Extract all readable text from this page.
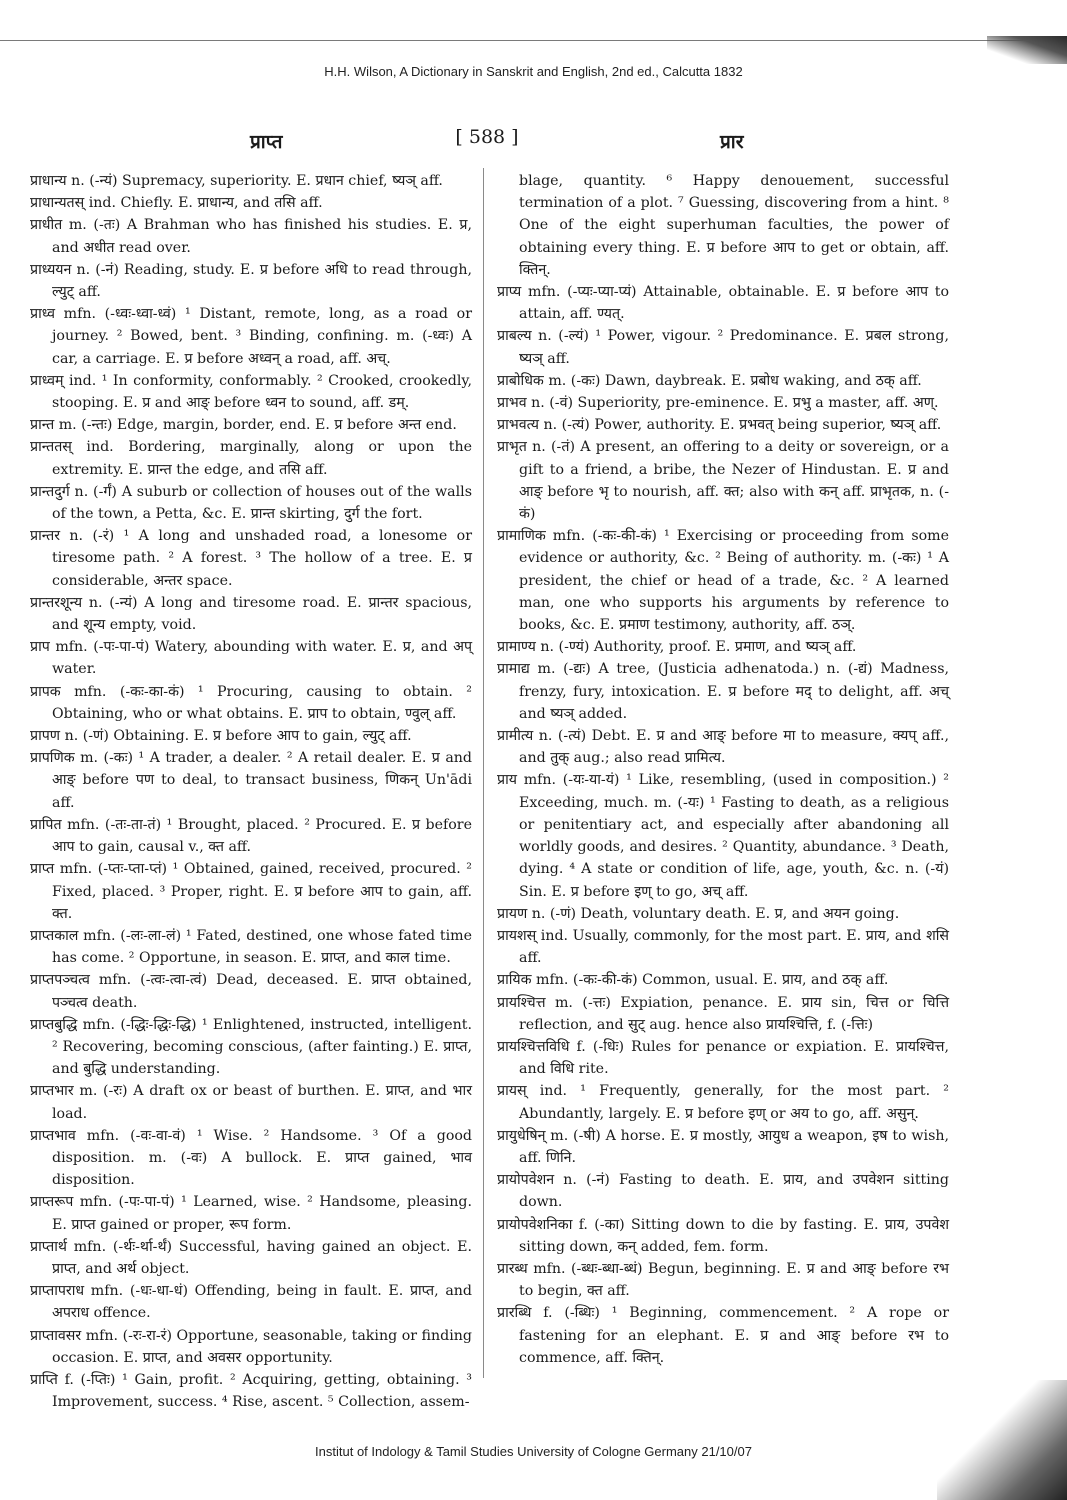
H.H. Wilson, A Dictionary in Sanskrit and English, 2nd ed., Calcutta 1832
प्राप्त	[ 588 ]	प्रार

प्राधान्य n. (-न्यं) Supremacy, superiority. E. प्रधान chief, ष्यञ् aff.

प्राधान्यतस् ind. Chiefly. E. प्राधान्य, and तसि aff.

प्राधीत m. (-तः) A Brahman who has finished his studies. E. प्र, and अधीत read over.

प्राध्ययन n. (-नं) Reading, study. E. प्र before अधि to read through, ल्युट् aff.

प्राध्व mfn. (-ध्वः-ध्वा-ध्वं) ¹ Distant, remote, long, as a road or journey. ² Bowed, bent. ³ Binding, confining. m. (-ध्वः) A car, a carriage. E. प्र before अध्वन् a road, aff. अच्.

प्राध्वम् ind. ¹ In conformity, conformably. ² Crooked, crookedly, stooping. E. प्र and आङ् before ध्वन to sound, aff. डम्.

प्रान्त m. (-न्तः) Edge, margin, border, end. E. प्र before अन्त end.

प्रान्ततस् ind. Bordering, marginally, along or upon the extremity. E. प्रान्त the edge, and तसि aff.

प्रान्तदुर्ग n. (-र्गं) A suburb or collection of houses out of the walls of the town, a Petta, &c. E. प्रान्त skirting, दुर्ग the fort.

प्रान्तर n. (-रं) ¹ A long and unshaded road, a lonesome or tiresome path. ² A forest. ³ The hollow of a tree. E. प्र considerable, अन्तर space.

प्रान्तरशून्य n. (-न्यं) A long and tiresome road. E. प्रान्तर spacious, and शून्य empty, void.

प्राप mfn. (-पः-पा-पं) Watery, abounding with water. E. प्र, and अप् water.

प्रापक mfn. (-कः-का-कं) ¹ Procuring, causing to obtain. ² Obtaining, who or what obtains. E. प्राप to obtain, ण्वुल् aff.

प्रापण n. (-णं) Obtaining. E. प्र before आप to gain, ल्युट् aff.

प्रापणिक m. (-कः) ¹ A trader, a dealer. ² A retail dealer. E. प्र and आङ् before पण to deal, to transact business, णिकन् Un'ādi aff.

प्रापित mfn. (-तः-ता-तं) ¹ Brought, placed. ² Procured. E. प्र before आप to gain, causal v., क्त aff.

प्राप्त mfn. (-प्तः-प्ता-प्तं) ¹ Obtained, gained, received, procured. ² Fixed, placed. ³ Proper, right. E. प्र before आप to gain, aff. क्त.

प्राप्तकाल mfn. (-लः-ला-लं) ¹ Fated, destined, one whose fated time has come. ² Opportune, in season. E. प्राप्त, and काल time.

प्राप्तपञ्चत्व mfn. (-त्वः-त्वा-त्वं) Dead, deceased. E. प्राप्त obtained, पञ्चत्व death.

प्राप्तबुद्धि mfn. (-द्धिः-द्धिः-द्धि) ¹ Enlightened, instructed, intelligent. ² Recovering, becoming conscious, (after fainting.) E. प्राप्त, and बुद्धि understanding.

प्राप्तभार m. (-रः) A draft ox or beast of burthen. E. प्राप्त, and भार load.

प्राप्तभाव mfn. (-वः-वा-वं) ¹ Wise. ² Handsome. ³ Of a good disposition. m. (-वः) A bullock. E. प्राप्त gained, भाव disposition.

प्राप्तरूप mfn. (-पः-पा-पं) ¹ Learned, wise. ² Handsome, pleasing. E. प्राप्त gained or proper, रूप form.

प्राप्तार्थ mfn. (-र्थः-र्था-र्थं) Successful, having gained an object. E. प्राप्त, and अर्थ object.

प्राप्तापराध mfn. (-धः-धा-धं) Offending, being in fault. E. प्राप्त, and अपराध offence.

प्राप्तावसर mfn. (-रः-रा-रं) Opportune, seasonable, taking or finding occasion. E. प्राप्त, and अवसर opportunity.

प्राप्ति f. (-प्तिः) ¹ Gain, profit. ² Acquiring, getting, obtaining. ³ Improvement, success. ⁴ Rise, ascent. ⁵ Collection, assem-

blage, quantity. ⁶ Happy denouement, successful termination of a plot. ⁷ Guessing, discovering from a hint. ⁸ One of the eight superhuman faculties, the power of obtaining every thing. E. प्र before आप to get or obtain, aff. क्तिन्.

प्राप्य mfn. (-प्यः-प्या-प्यं) Attainable, obtainable. E. प्र before आप to attain, aff. ण्यत्.

प्राबल्य n. (-ल्यं) ¹ Power, vigour. ² Predominance. E. प्रबल strong, ष्यञ् aff.

प्राबोधिक m. (-कः) Dawn, daybreak. E. प्रबोध waking, and ठक् aff.

प्राभव n. (-वं) Superiority, pre-eminence. E. प्रभु a master, aff. अण्.

प्राभवत्य n. (-त्यं) Power, authority. E. प्रभवत् being superior, ष्यञ् aff.

प्राभृत n. (-तं) A present, an offering to a deity or sovereign, or a gift to a friend, a bribe, the Nezer of Hindustan. E. प्र and आङ् before भृ to nourish, aff. क्त; also with कन् aff. प्राभृतक, n. (-कं)

प्रामाणिक mfn. (-कः-की-कं) ¹ Exercising or proceeding from some evidence or authority, &c. ² Being of authority. m. (-कः) ¹ A president, the chief or head of a trade, &c. ² A learned man, one who supports his arguments by reference to books, &c. E. प्रमाण testimony, authority, aff. ठञ्.

प्रामाण्य n. (-ण्यं) Authority, proof. E. प्रमाण, and ष्यञ् aff.

प्रामाद्य m. (-द्यः) A tree, (Justicia adhenatoda.) n. (-द्यं) Madness, frenzy, fury, intoxication. E. प्र before मद् to delight, aff. अच् and ष्यञ् added.

प्रामीत्य n. (-त्यं) Debt. E. प्र and आङ् before मा to measure, क्यप् aff., and तुक् aug.; also read प्रामित्य.

प्राय mfn. (-यः-या-यं) ¹ Like, resembling, (used in composition.) ² Exceeding, much. m. (-यः) ¹ Fasting to death, as a religious or penitentiary act, and especially after abandoning all worldly goods, and desires. ² Quantity, abundance. ³ Death, dying. ⁴ A state or condition of life, age, youth, &c. n. (-यं) Sin. E. प्र before इण् to go, अच् aff.

प्रायण n. (-णं) Death, voluntary death. E. प्र, and अयन going.

प्रायशस् ind. Usually, commonly, for the most part. E. प्राय, and शसि aff.

प्रायिक mfn. (-कः-की-कं) Common, usual. E. प्राय, and ठक् aff.

प्रायश्चित्त m. (-त्तः) Expiation, penance. E. प्राय sin, चित्त or चित्ति reflection, and सुट् aug. hence also प्रायश्चित्ति, f. (-त्तिः)

प्रायश्चित्तविधि f. (-धिः) Rules for penance or expiation. E. प्रायश्चित्त, and विधि rite.

प्रायस् ind. ¹ Frequently, generally, for the most part. ² Abundantly, largely. E. प्र before इण् or अय to go, aff. असुन्.

प्रायुधेषिन् m. (-षी) A horse. E. प्र mostly, आयुध a weapon, इष to wish, aff. णिनि.

प्रायोपवेशन n. (-नं) Fasting to death. E. प्राय, and उपवेशन sitting down.

प्रायोपवेशनिका f. (-का) Sitting down to die by fasting. E. प्राय, उपवेश sitting down, कन् added, fem. form.

प्रारब्ध mfn. (-ब्धः-ब्धा-ब्धं) Begun, beginning. E. प्र and आङ् before रभ to begin, क्त aff.

प्रारब्धि f. (-ब्धिः) ¹ Beginning, commencement. ² A rope or fastening for an elephant. E. प्र and आङ् before रभ to commence, aff. क्तिन्.

Institut of Indology & Tamil Studies University of Cologne Germany 21/10/07
